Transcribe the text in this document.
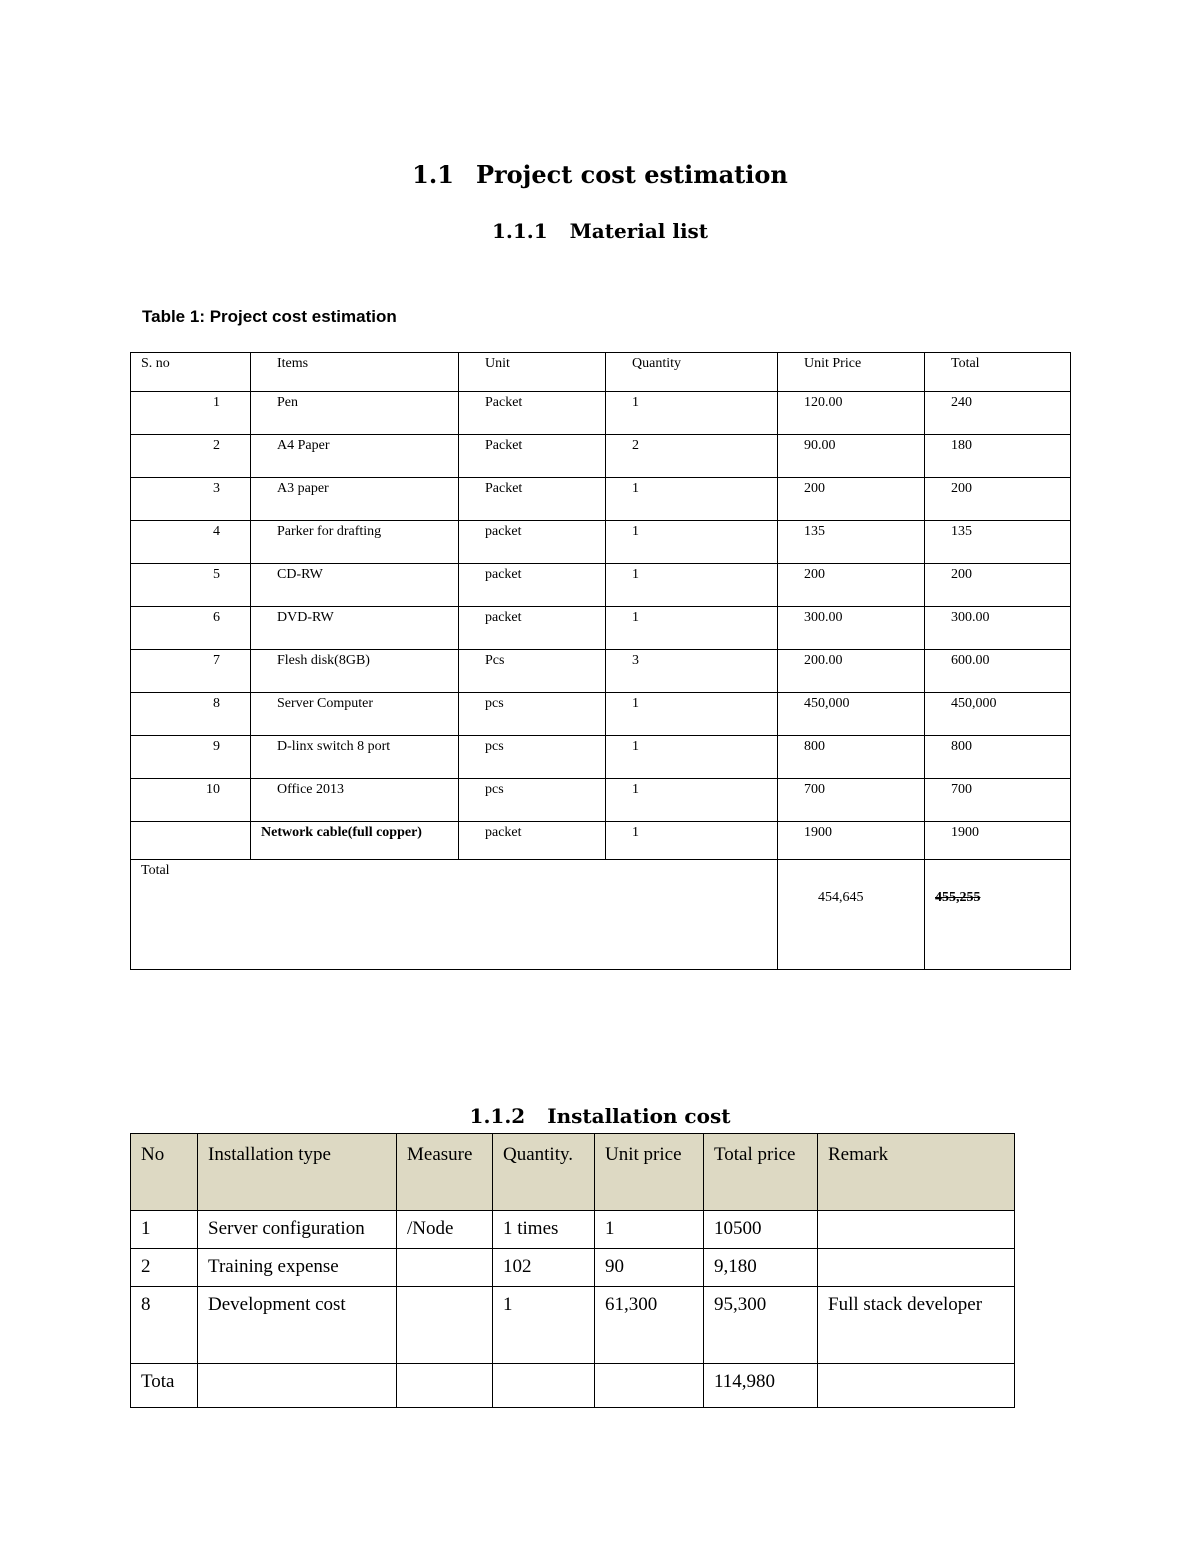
1.1 Project cost estimation
1.1.1 Material list
Table 1: Project cost estimation
S. no	Items	Unit	Quantity	Unit Price	Total
1	Pen	Packet	1	120.00	240
2	A4 Paper	Packet	2	90.00	180
3	A3 paper	Packet	1	200	200
4	Parker for drafting	packet	1	135	135
5	CD-RW	packet	1	200	200
6	DVD-RW	packet	1	300.00	300.00
7	Flesh disk(8GB)	Pcs	3	200.00	600.00
8	Server Computer	pcs	1	450,000	450,000
9	D-linx switch 8 port	pcs	1	800	800
10	Office 2013	pcs	1	700	700
	Network cable(full copper)	packet	1	1900	1900
Total				454,645	455,255
1.1.2 Installation cost
No	Installation type	Measure	Quantity.	Unit price	Total price	Remark
1	Server configuration	/Node	1 times	1	10500	
2	Training expense		102	90	9,180	
8	Development cost		1	61,300	95,300	Full stack developer
Tota					114,980	
